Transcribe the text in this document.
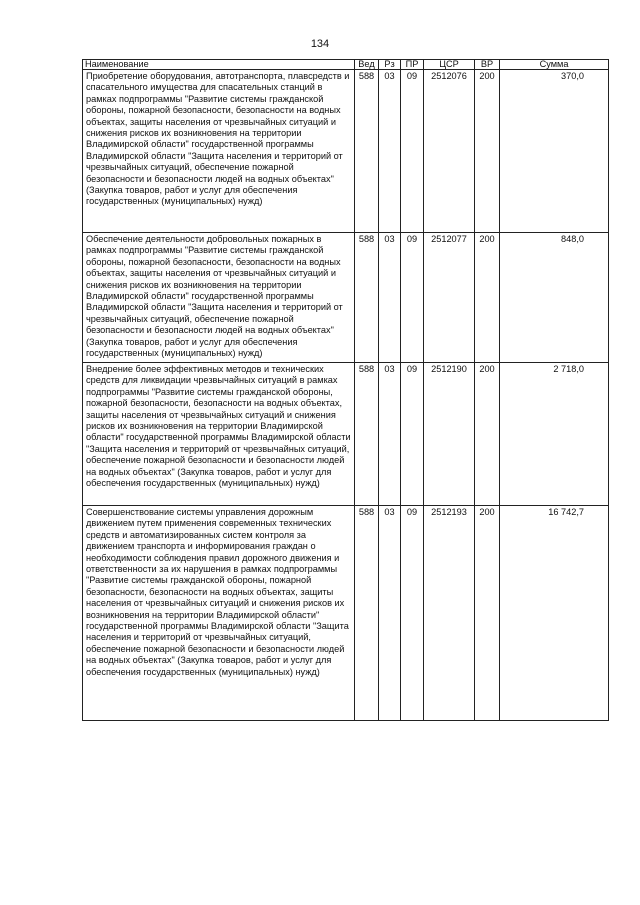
134
Наименование	Вед	Рз	ПР	ЦСР	ВР	Сумма
Приобретение оборудования, автотранспорта, плавсредств и спасательного имущества для спасательных станций в рамках подпрограммы "Развитие системы гражданской обороны, пожарной безопасности, безопасности на водных объектах, защиты населения от чрезвычайных ситуаций и снижения рисков их возникновения на территории Владимирской области" государственной программы Владимирской области "Защита населения и территорий от чрезвычайных ситуаций, обеспечение пожарной безопасности и безопасности людей на водных объектах" (Закупка товаров, работ и услуг для обеспечения государственных (муниципальных) нужд)	588	03	09	2512076	200	370,0
Обеспечение деятельности добровольных пожарных в рамках подпрограммы "Развитие системы гражданской обороны, пожарной безопасности, безопасности на водных объектах, защиты населения от чрезвычайных ситуаций и снижения рисков их возникновения на территории Владимирской области" государственной программы Владимирской области "Защита населения и территорий от чрезвычайных ситуаций, обеспечение пожарной безопасности и безопасности людей на водных объектах" (Закупка товаров, работ и услуг для обеспечения государственных (муниципальных) нужд)	588	03	09	2512077	200	848,0
Внедрение более эффективных методов и технических средств для ликвидации чрезвычайных ситуаций в рамках подпрограммы "Развитие системы гражданской обороны, пожарной безопасности, безопасности на водных объектах, защиты населения от чрезвычайных ситуаций и снижения рисков их возникновения на территории Владимирской области" государственной программы Владимирской области "Защита населения и территорий от чрезвычайных ситуаций, обеспечение пожарной безопасности и безопасности людей на водных объектах" (Закупка товаров, работ и услуг для обеспечения государственных (муниципальных) нужд)	588	03	09	2512190	200	2 718,0
Совершенствование системы управления дорожным движением путем применения современных технических средств и автоматизированных систем контроля за движением транспорта и информирования граждан о необходимости соблюдения правил дорожного движения и ответственности за их нарушения в рамках подпрограммы "Развитие системы гражданской обороны, пожарной безопасности, безопасности на водных объектах, защиты населения от чрезвычайных ситуаций и снижения рисков их возникновения на территории Владимирской области" государственной программы Владимирской области "Защита населения и территорий от чрезвычайных ситуаций, обеспечение пожарной безопасности и безопасности людей на водных объектах" (Закупка товаров, работ и услуг для обеспечения государственных (муниципальных) нужд)	588	03	09	2512193	200	16 742,7
